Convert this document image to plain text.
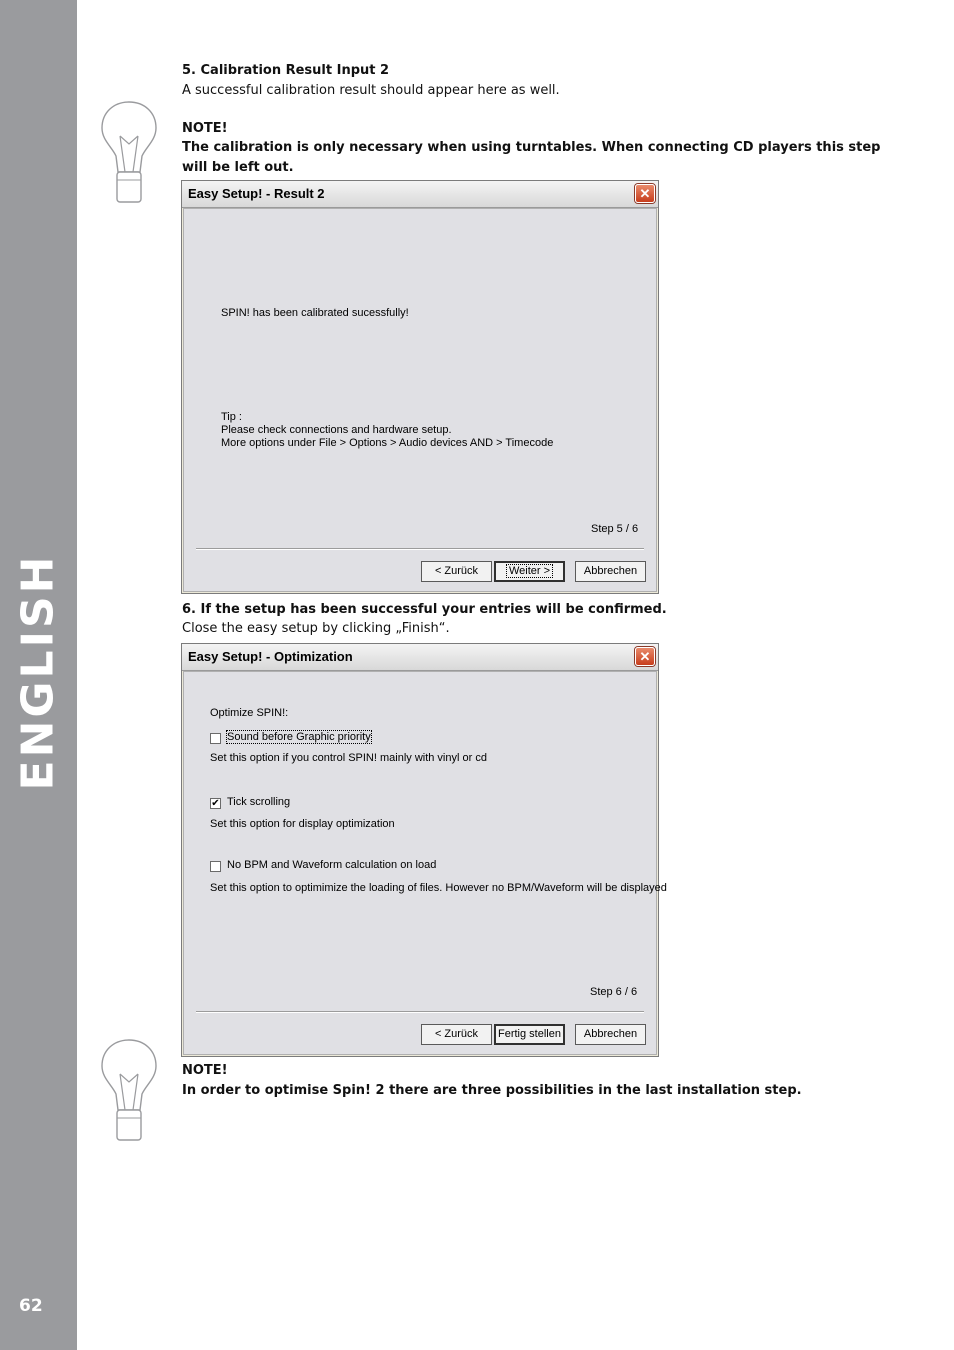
ENGLISH
62

5. Calibration Result Input 2

A successful calibration result should appear here as well.

NOTE!

The calibration is only necessary when using turntables. When connecting CD players this step

will be left out.

Easy Setup! - Result 2	✕
SPIN! has been calibrated sucessfully!
Tip :
Please check connections and hardware setup.
More options under File > Options > Audio devices AND > Timecode
Step 5 / 6
< Zurück	Weiter >	Abbrechen

6. If the setup has been successful your entries will be confirmed.

Close the easy setup by clicking „Finish“.

Easy Setup! - Optimization	✕
Optimize SPIN!:
Sound before Graphic priority
Set this option if you control SPIN! mainly with vinyl or cd
✔ Tick scrolling
Set this option for display optimization
No BPM and Waveform calculation on load
Set this option to optimimize the loading of files. However no BPM/Waveform will be displayed
Step 6 / 6
< Zurück	Fertig stellen	Abbrechen

NOTE!

In order to optimise Spin! 2 there are three possibilities in the last installation step.
